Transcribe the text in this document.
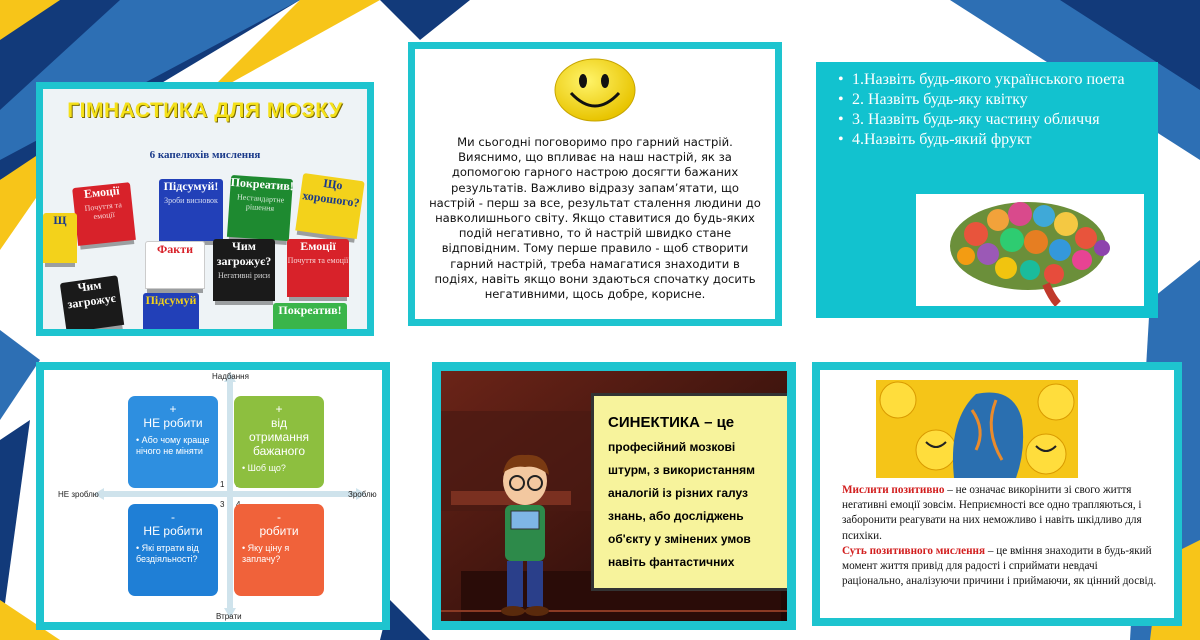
ГІМНАСТИКА ДЛЯ МОЗКУ
6 капелюхів мислення
Емоції
Почуття та емоції
Підсумуй!
Зроби висновок
Покреатив!
Нестандартне рішення
Що хорошого?
Щ
Факти	Чим загрожує?
Негативні риси
Емоції
Почуття та емоції
Чим загрожує	Підсумуй
Покреатив!
Ми сьогодні поговоримо про гарний настрій. Вияснимо, що впливає на наш настрій, як за допомогою гарного настрою досягти бажаних результатів. Важливо відразу запам’ятати, що настрій - перш за все, результат сталення людини до навколишнього світу. Якщо ставитися до будь-яких подій негативно, то й настрій швидко стане відповідним. Тому перше правило - щоб створити гарний настрій, треба намагатися знаходити в подіях, навіть якщо вони здаються спочатку досить негативними, щось добре, корисне.
• 1.Назвіть будь-якого українського поета
• 2. Назвіть будь-яку квітку
• 3. Назвіть будь-яку частину обличчя
• 4.Назвіть будь-який фрукт
Надбання
Втрати
НЕ зроблю	Зроблю
1
3
+
НЕ робити
• Або чому краще нічого не міняти
+
від отримання бажаного
• Шоб що?
-
НЕ робити
• Які втрати від бездіяльності?
-
робити
• Яку ціну я заплачу?
СИНЕКТИКА – це
професійний мозкові
штурм, з використанням
аналогій із різних галуз
знань, або досліджень
об'єкту у змінених умов
навіть фантастичних
Мислити позитивно – не означає викорінити зі свого життя негативні емоції зовсім. Неприємності все одно трапляються, і заборонити реагувати на них неможливо і навіть шкідливо для психіки.
Суть позитивного мислення – це вміння знаходити в будь-який момент життя привід для радості і сприймати невдачі раціонально, аналізуючи причини і приймаючи, як цінний досвід.
